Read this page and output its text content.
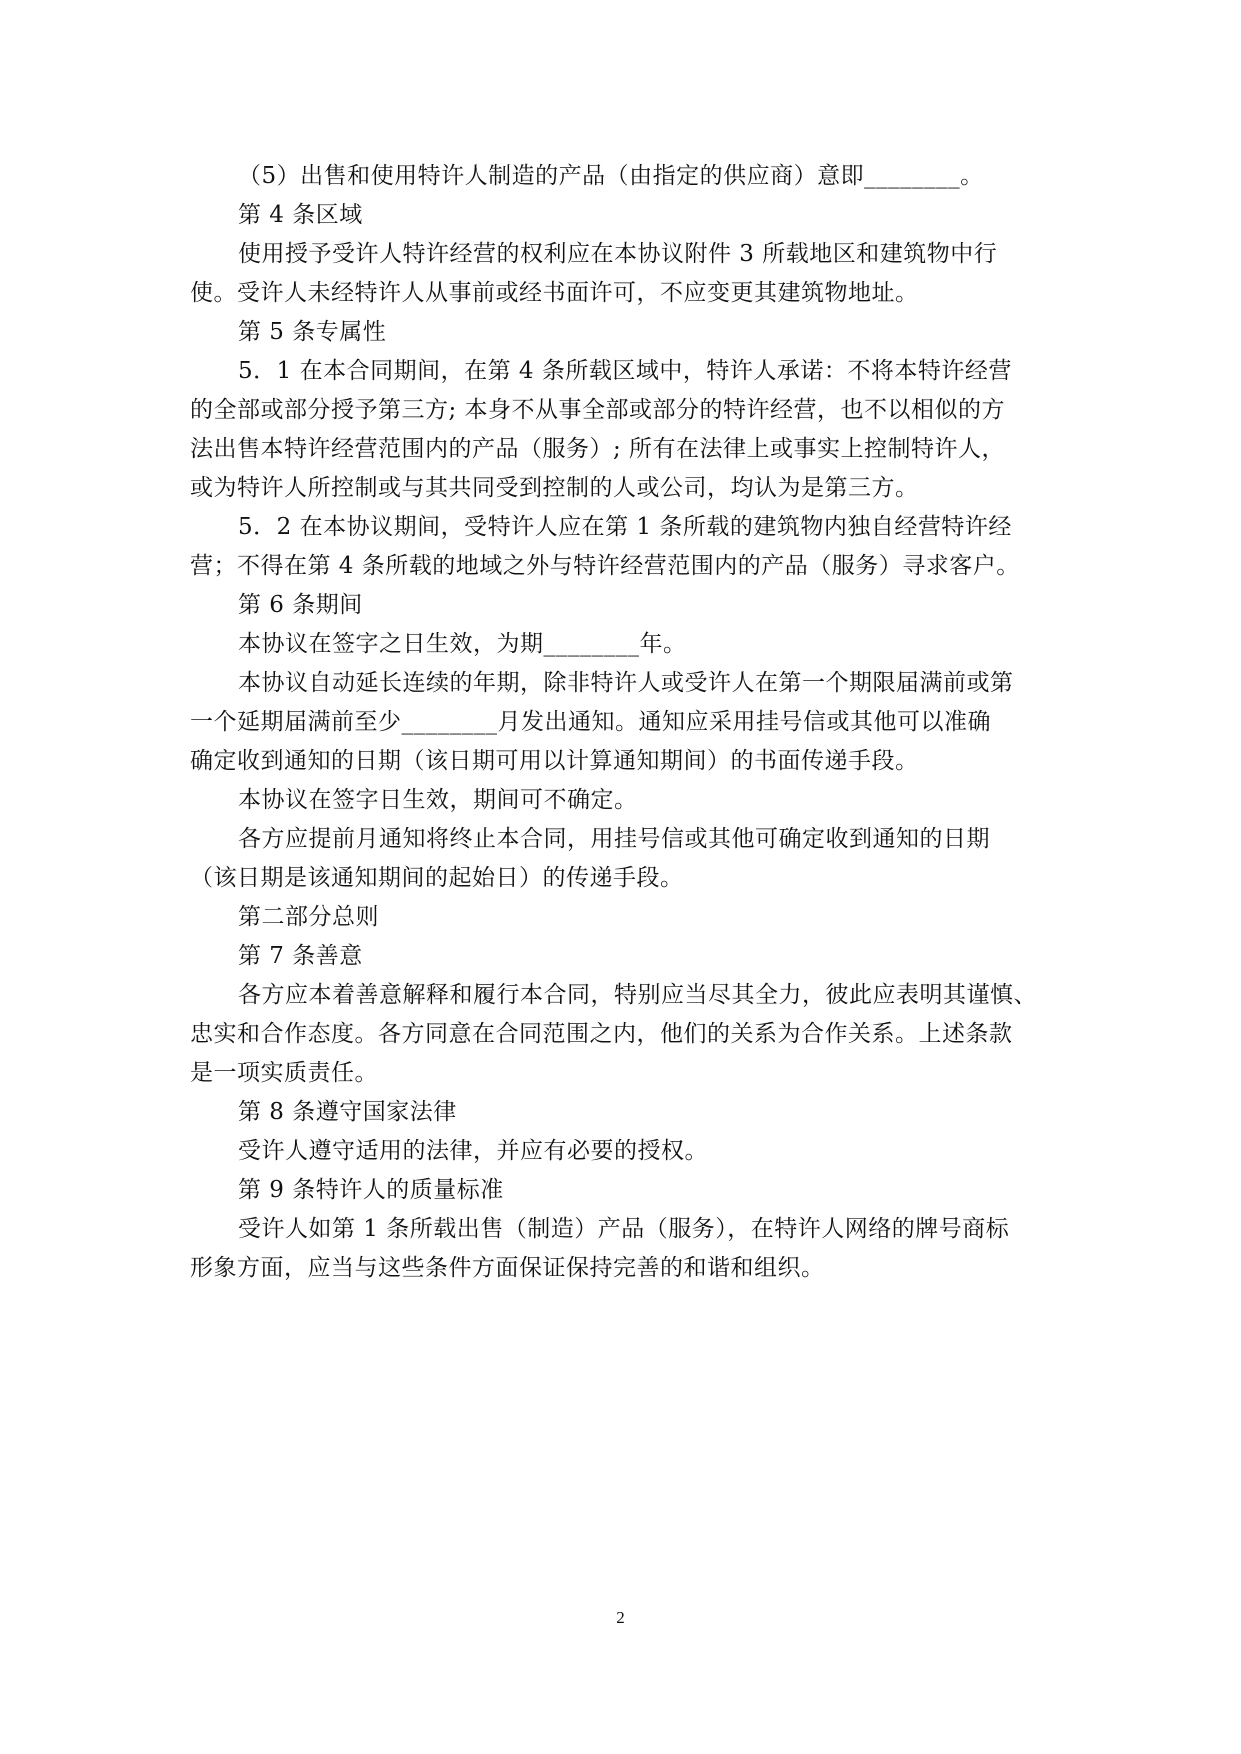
（5）出售和使用特许人制造的产品（由指定的供应商）意即________。
第 4 条区域
使用授予受许人特许经营的权利应在本协议附件 3 所载地区和建筑物中行
使。受许人未经特许人从事前或经书面许可，不应变更其建筑物地址。
第 5 条专属性
5．1 在本合同期间，在第 4 条所载区域中，特许人承诺：不将本特许经营
的全部或部分授予第三方; 本身不从事全部或部分的特许经营，也不以相似的方
法出售本特许经营范围内的产品（服务）; 所有在法律上或事实上控制特许人，
或为特许人所控制或与其共同受到控制的人或公司，均认为是第三方。
5．2 在本协议期间，受特许人应在第 1 条所载的建筑物内独自经营特许经
营；不得在第 4 条所载的地域之外与特许经营范围内的产品（服务）寻求客户。
第 6 条期间
本协议在签字之日生效，为期________年。
本协议自动延长连续的年期，除非特许人或受许人在第一个期限届满前或第
一个延期届满前至少________月发出通知。通知应采用挂号信或其他可以准确
确定收到通知的日期（该日期可用以计算通知期间）的书面传递手段。
本协议在签字日生效，期间可不确定。
各方应提前月通知将终止本合同，用挂号信或其他可确定收到通知的日期
（该日期是该通知期间的起始日）的传递手段。
第二部分总则
第 7 条善意
各方应本着善意解释和履行本合同，特别应当尽其全力，彼此应表明其谨慎、
忠实和合作态度。各方同意在合同范围之内，他们的关系为合作关系。上述条款
是一项实质责任。
第 8 条遵守国家法律
受许人遵守适用的法律，并应有必要的授权。
第 9 条特许人的质量标准
受许人如第 1 条所载出售（制造）产品（服务），在特许人网络的牌号商标
形象方面，应当与这些条件方面保证保持完善的和谐和组织。
2
